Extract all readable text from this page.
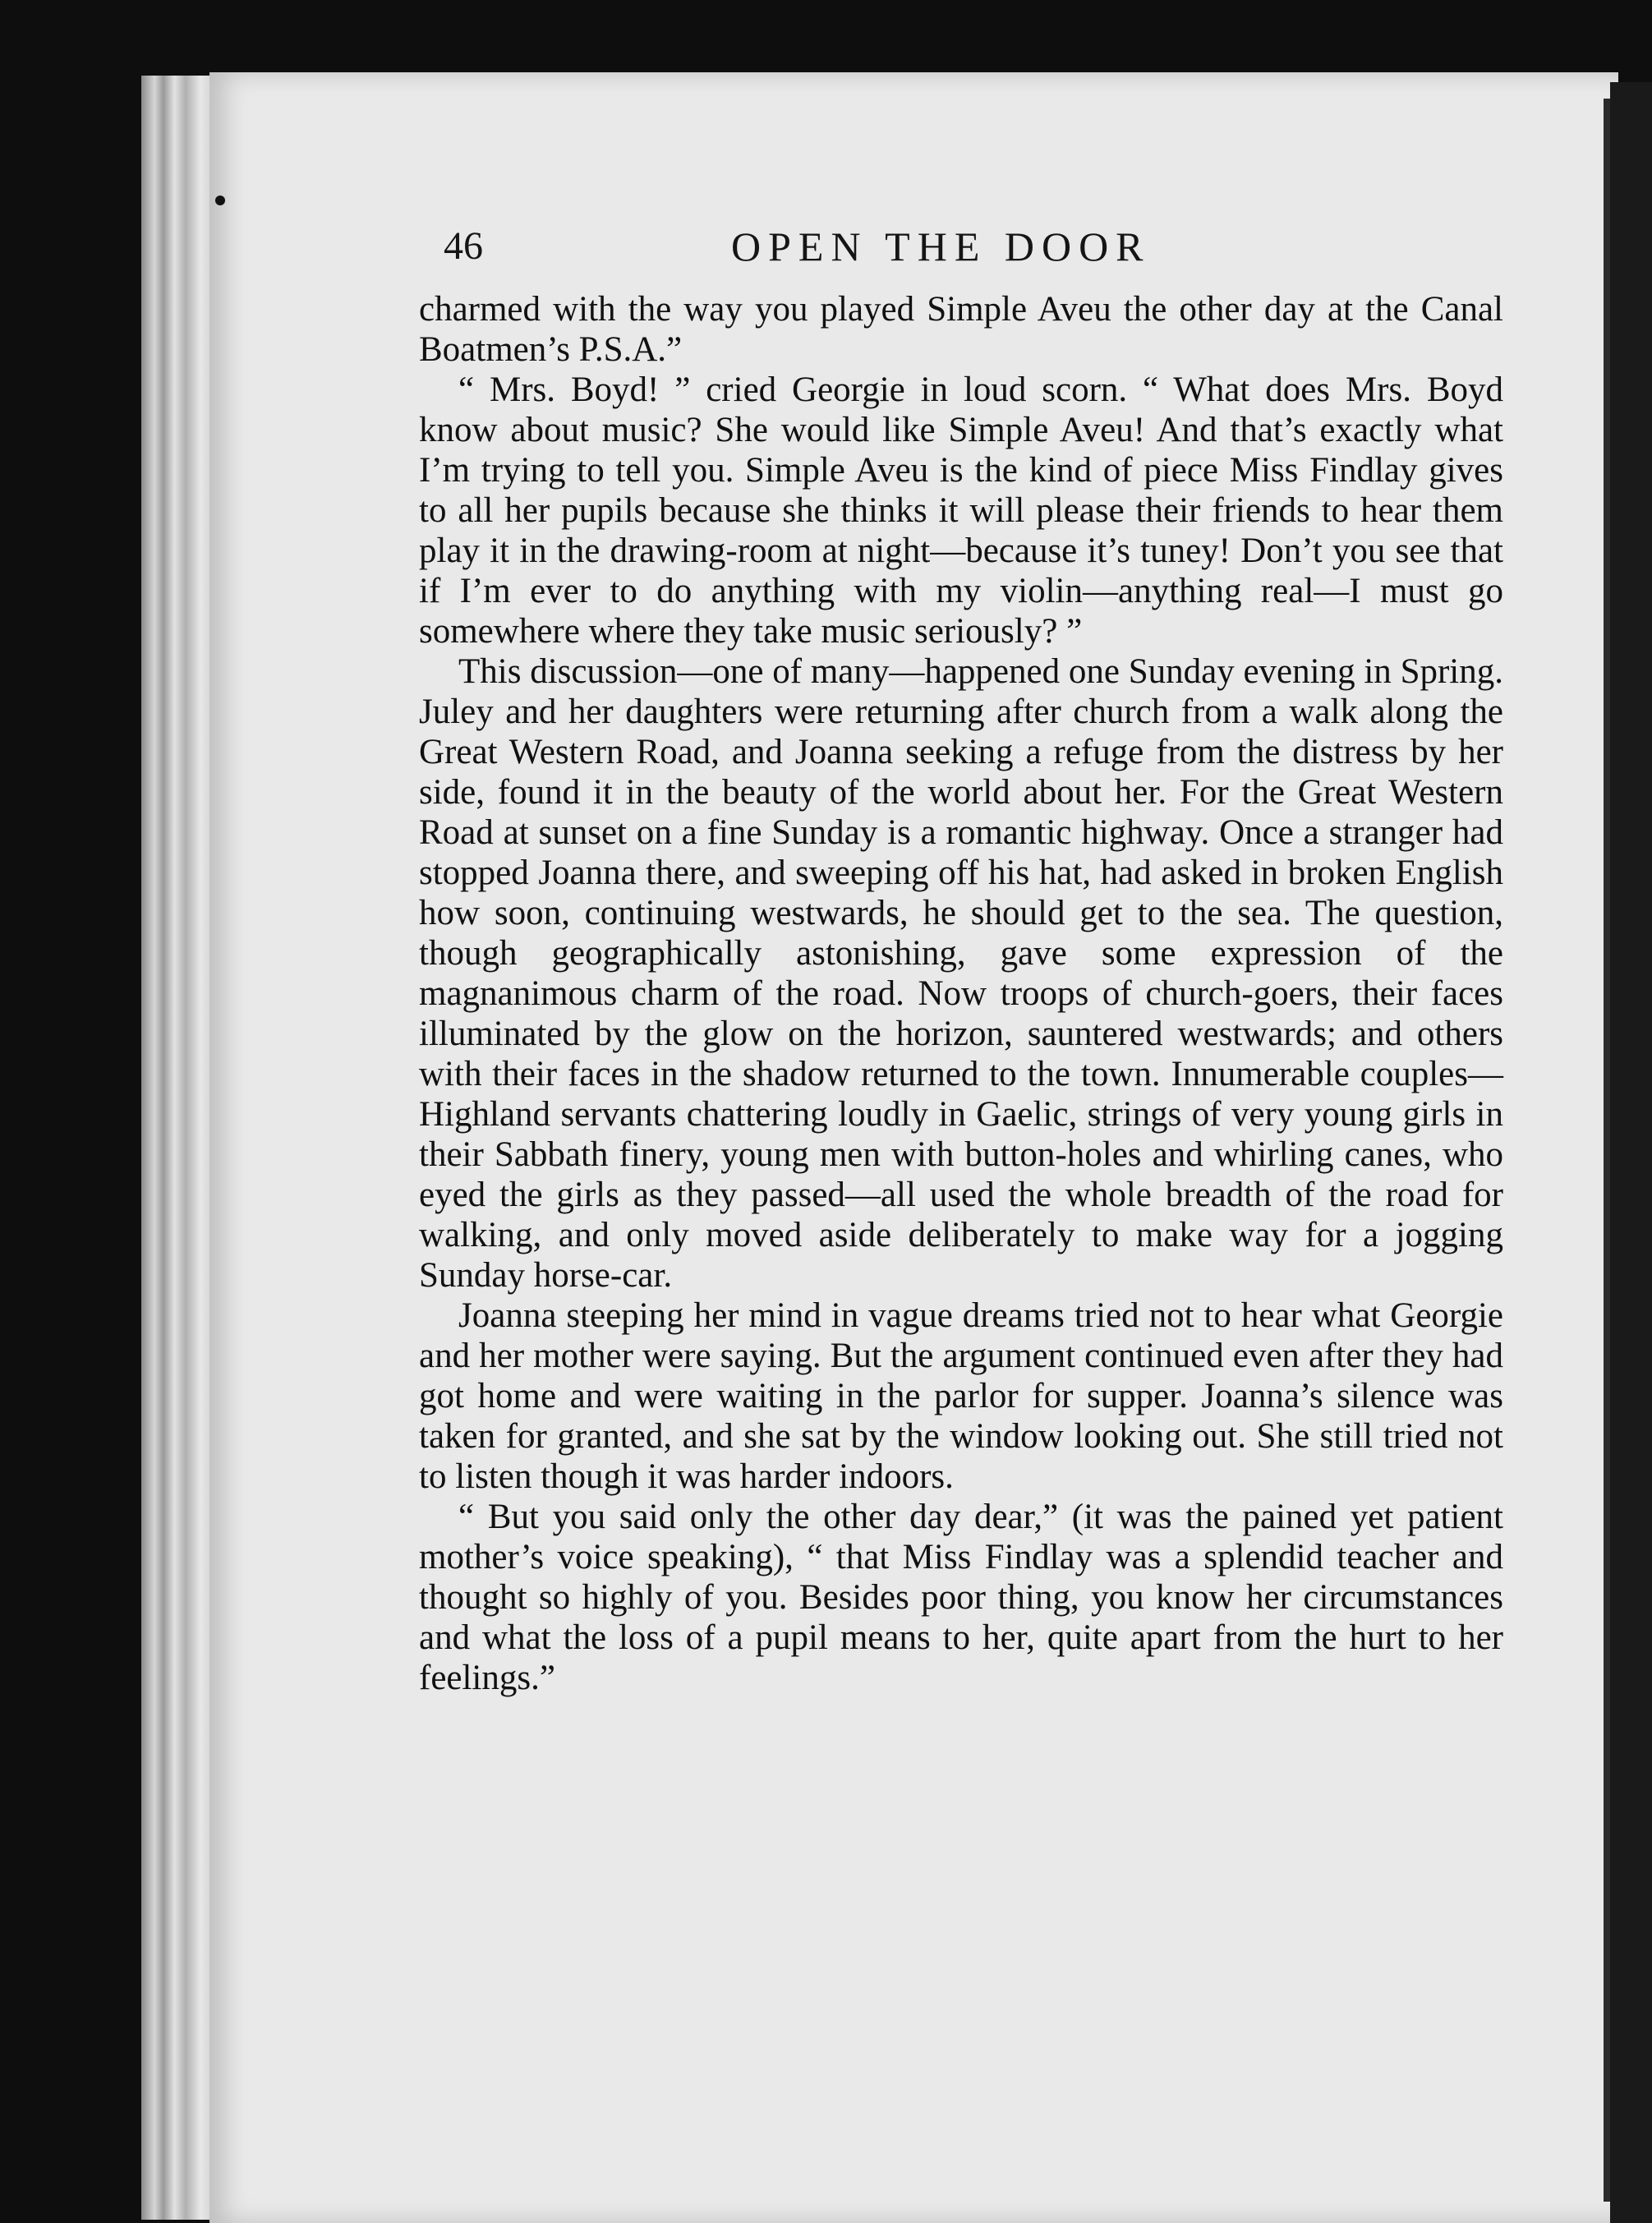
46	OPEN THE DOOR

charmed with the way you played Simple Aveu the other day at the Canal Boatmen’s P.S.A.”

“ Mrs. Boyd! ” cried Georgie in loud scorn. “ What does Mrs. Boyd know about music? She would like Simple Aveu! And that’s exactly what I’m trying to tell you. Simple Aveu is the kind of piece Miss Findlay gives to all her pupils because she thinks it will please their friends to hear them play it in the drawing-room at night—because it’s tuney! Don’t you see that if I’m ever to do anything with my violin—anything real—I must go somewhere where they take music seriously? ”

This discussion—one of many—happened one Sunday evening in Spring. Juley and her daughters were returning after church from a walk along the Great Western Road, and Joanna seeking a refuge from the distress by her side, found it in the beauty of the world about her. For the Great Western Road at sunset on a fine Sunday is a romantic highway. Once a stranger had stopped Joanna there, and sweeping off his hat, had asked in broken English how soon, continuing westwards, he should get to the sea. The question, though geographically astonishing, gave some expression of the magnanimous charm of the road. Now troops of church-goers, their faces illuminated by the glow on the horizon, sauntered westwards; and others with their faces in the shadow returned to the town. Innumerable couples—Highland servants chattering loudly in Gaelic, strings of very young girls in their Sabbath finery, young men with button-holes and whirling canes, who eyed the girls as they passed—all used the whole breadth of the road for walking, and only moved aside deliberately to make way for a jogging Sunday horse-car.

Joanna steeping her mind in vague dreams tried not to hear what Georgie and her mother were saying. But the argument continued even after they had got home and were waiting in the parlor for supper. Joanna’s silence was taken for granted, and she sat by the window looking out. She still tried not to listen though it was harder indoors.

“ But you said only the other day dear,” (it was the pained yet patient mother’s voice speaking), “ that Miss Findlay was a splendid teacher and thought so highly of you. Besides poor thing, you know her circumstances and what the loss of a pupil means to her, quite apart from the hurt to her feelings.”
